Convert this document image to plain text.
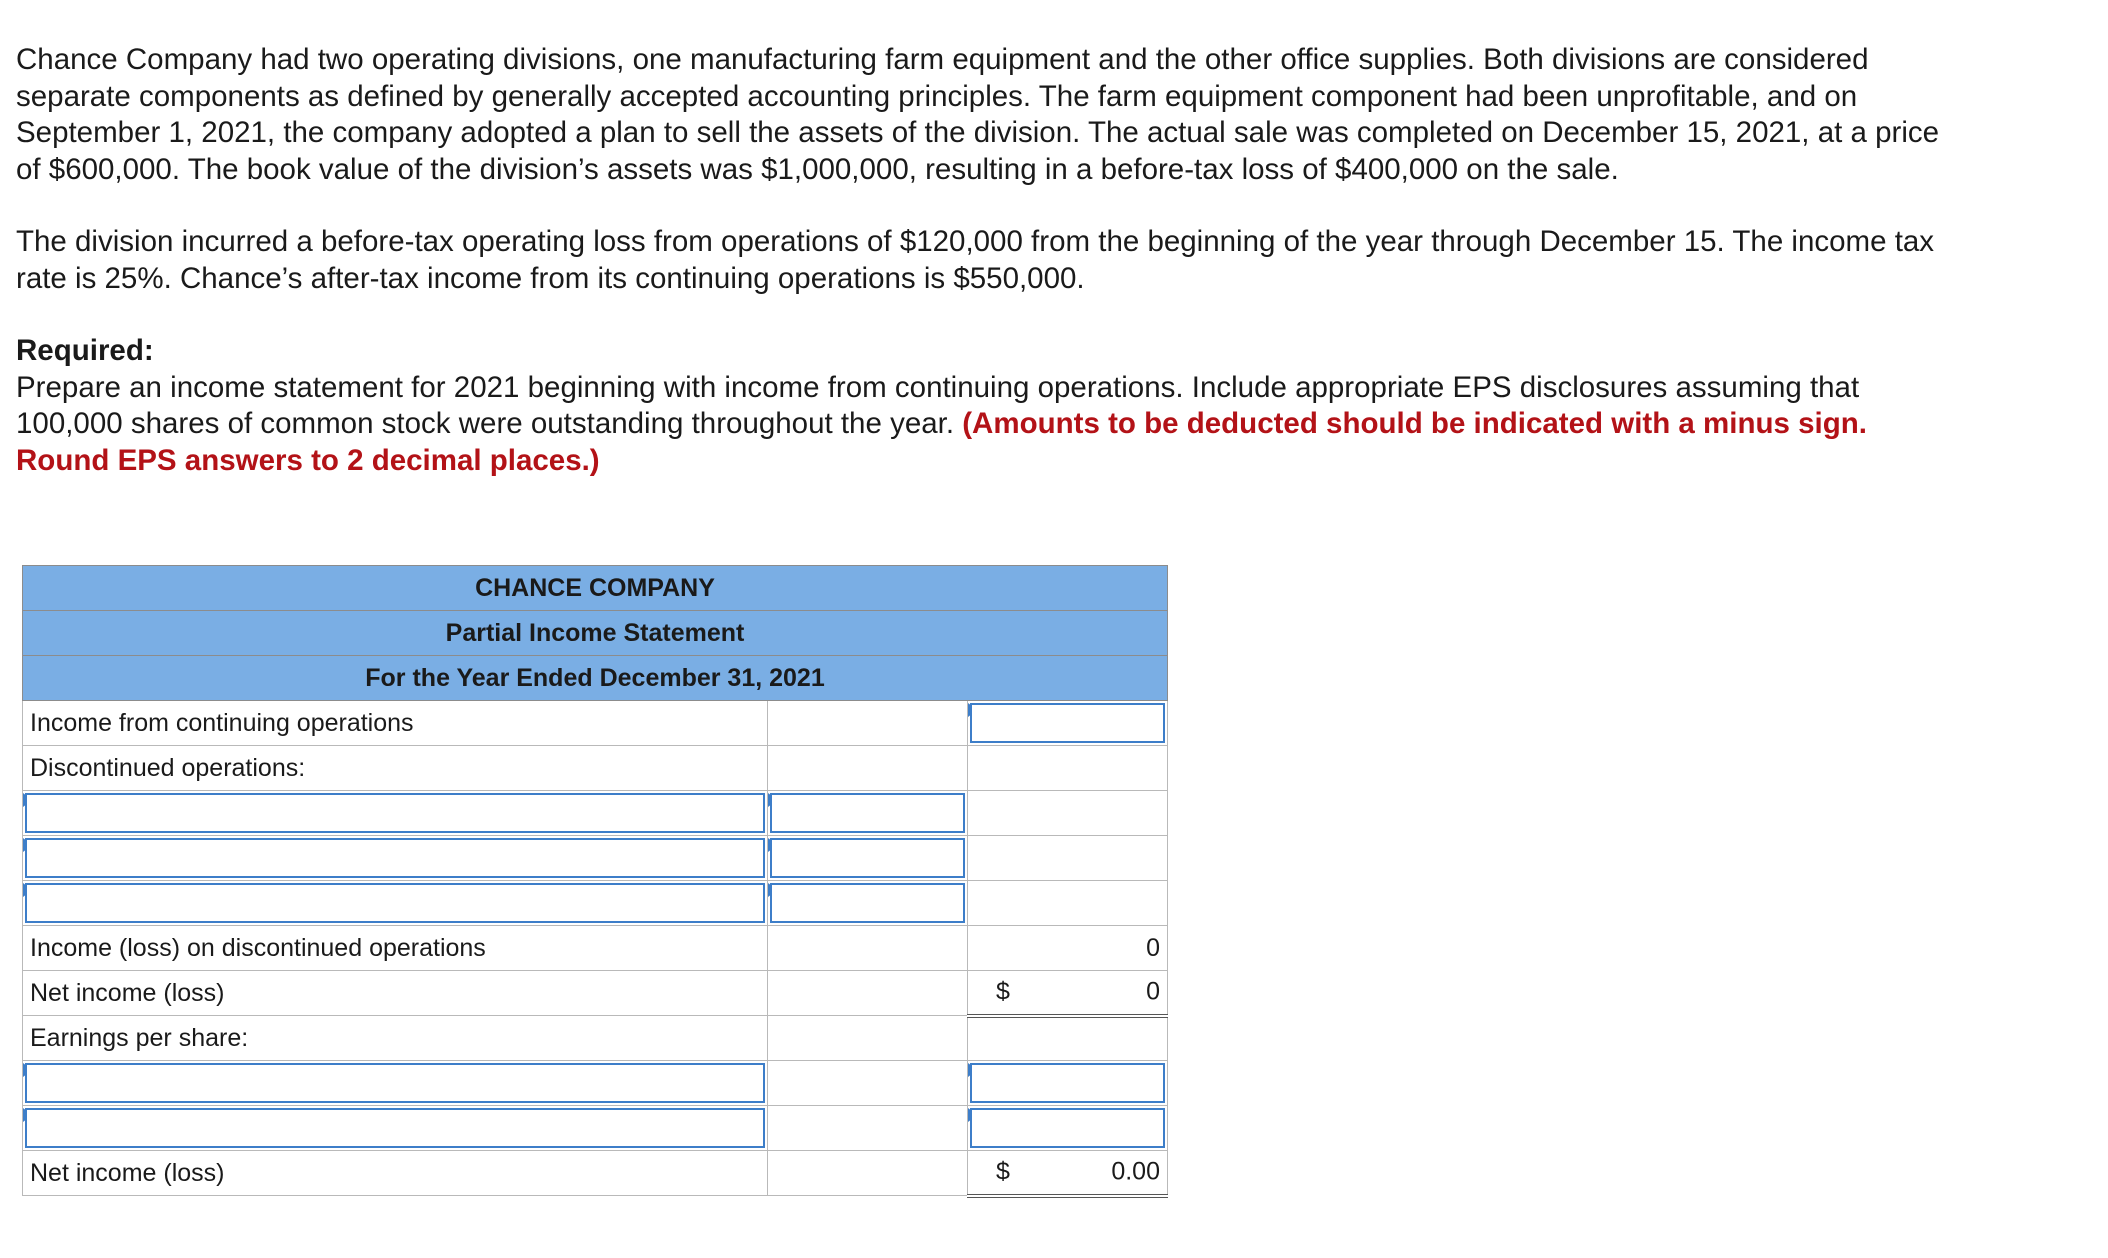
Chance Company had two operating divisions, one manufacturing farm equipment and the other office supplies. Both divisions are considered separate components as defined by generally accepted accounting principles. The farm equipment component had been unprofitable, and on September 1, 2021, the company adopted a plan to sell the assets of the division. The actual sale was completed on December 15, 2021, at a price of $600,000. The book value of the division’s assets was $1,000,000, resulting in a before-tax loss of $400,000 on the sale.

The division incurred a before-tax operating loss from operations of $120,000 from the beginning of the year through December 15. The income tax rate is 25%. Chance’s after-tax income from its continuing operations is $550,000.

Required:

Prepare an income statement for 2021 beginning with income from continuing operations. Include appropriate EPS disclosures assuming that 100,000 shares of common stock were outstanding throughout the year. (Amounts to be deducted should be indicated with a minus sign. Round EPS answers to 2 decimal places.)

CHANCE COMPANY		
Partial Income Statement		
For the Year Ended December 31, 2021		
Income from continuing operations		

Discontinued operations:		

Income (loss) on discontinued operations		0
Net income (loss)		$ 0

Earnings per share:		

Net income (loss)		$ 0.00
